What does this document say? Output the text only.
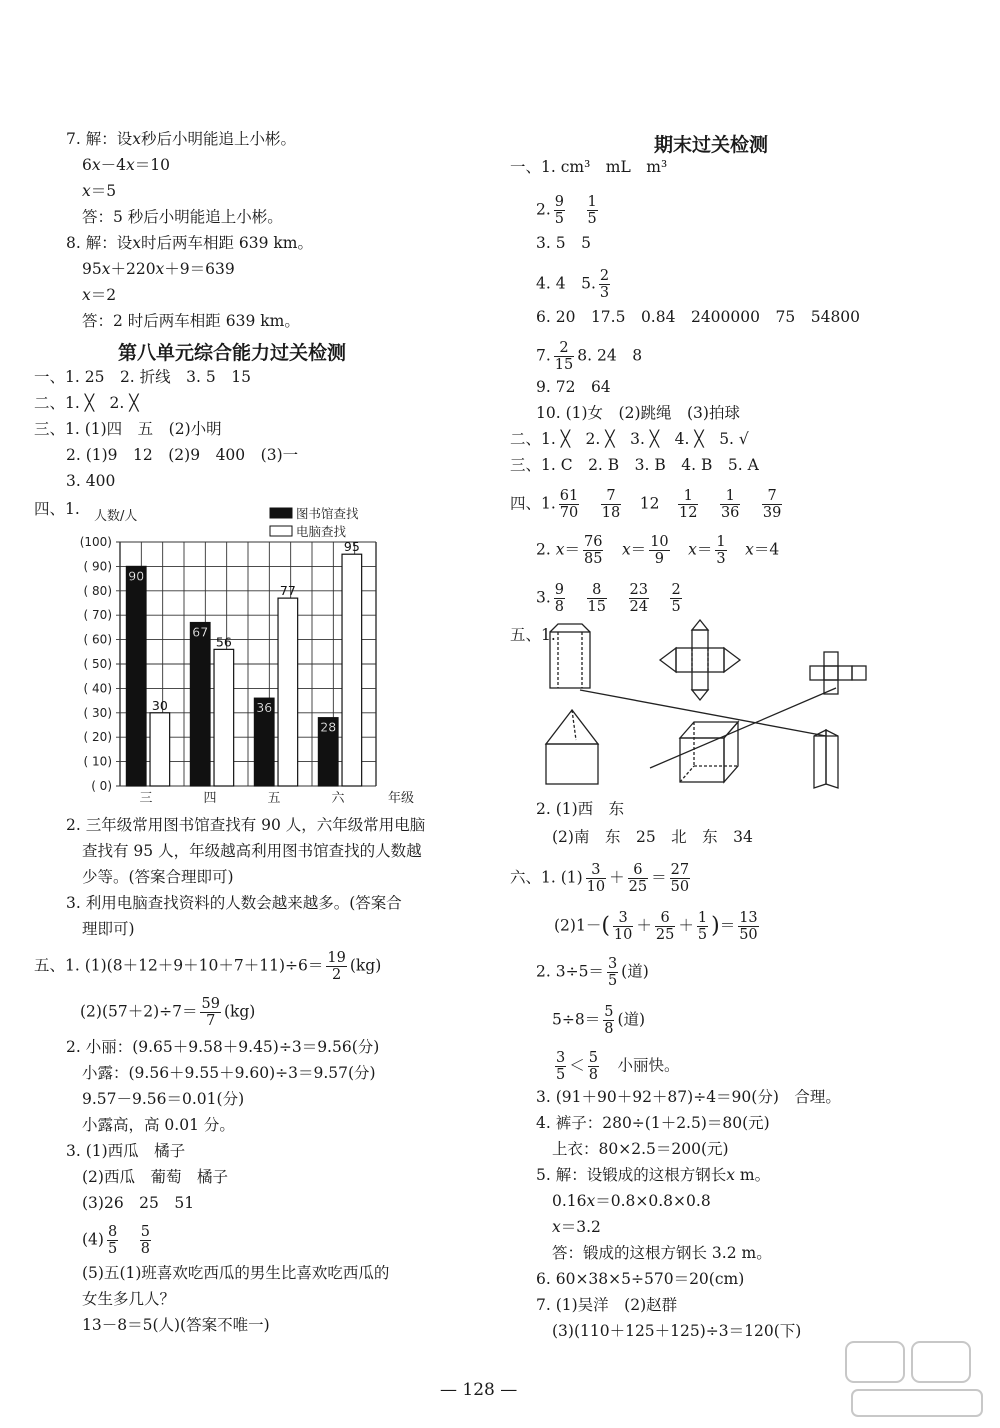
7. 解：设𝑥秒后小明能追上小彬。
6𝑥－4𝑥＝10
𝑥＝5
答：5 秒后小明能追上小彬。
8. 解：设𝑥时后两车相距 639 km。
95𝑥＋220𝑥＋9＝639
𝑥＝2
答：2 时后两车相距 639 km。
第八单元综合能力过关检测
一、1. 25　2. 折线　3. 5　15
二、1. ╳　2. ╳
三、1. (1)四　五　(2)小明
2. (1)9　12　(2)9　400　(3)一
3. 400
四、1.
(100)
( 90)
( 80)
( 70)
( 60)
( 50)
( 40)
( 30)
( 20)
( 10)
( 0)
人数/人
90
30
三
67
56
四
36
77
五
28
95
六	年级
图书馆查找
电脑查找
2. 三年级常用图书馆查找有 90 人，六年级常用电脑
查找有 95 人，年级越高利用图书馆查找的人数越
少等。(答案合理即可)
3. 利用电脑查找资料的人数会越来越多。(答案合
理即可)
五、1. $(1)(8+12+9+10+7+11)\div 6= \frac{19}{2} (kg)$
$(2)(57+2)\div 7= \frac{59}{7} (kg)$
2. 小丽：(9.65＋9.58＋9.45)÷3＝9.56(分)
小露：(9.56＋9.55＋9.60)÷3＝9.57(分)
9.57－9.56＝0.01(分)
小露高，高 0.01 分。
3. (1)西瓜　橘子
(2)西瓜　葡萄　橘子
(3)26　25　51
$(4) \frac{8}{5}$
　 $\frac{5}{8}$
(5)五(1)班喜欢吃西瓜的男生比喜欢吃西瓜的
女生多几人？
13－8＝5(人)(答案不唯一)
期末过关检测
一、1. cm³　mL　m³
2. $\frac{9}{5}$
　 $\frac{1}{5}$
3. 5　5
4. 4　5. $\frac{2}{3}$
6. 20　17.5　0.84　2400000　75　54800
7. $\frac{2}{15} 8$. 24　8
9. 72　64
10. (1)女　(2)跳绳　(3)拍球
二、1. ╳　2. ╳　3. ╳　4. ╳　5. √
三、1. C　2. B　3. B　4. B　5. A
四、1. $\frac{61}{70}$
　 $\frac{7}{18}$
　 12　 $\frac{1}{12}$
　 $\frac{1}{36}$
　 $\frac{7}{39}$
2. 𝑥＝ $\frac{76}{85}$
　 𝑥＝ $\frac{10}{9}$
　 𝑥＝ $\frac{1}{3}$
　 𝑥＝4
3. $\frac{9}{8}$
　 $\frac{8}{15}$
　 $\frac{23}{24}$
　 $\frac{2}{5}$
五、1.
2. (1)西　东
(2)南　东　25　北　东　34
六、1. $(1) \frac{3}{10} + \frac{6}{25} = \frac{27}{50}$
$(2)1-( \frac{3}{10} + \frac{6}{25} + \frac{1}{5}$ )＝ $\frac{13}{50}$
2. $3\div 5= \frac{3}{5}$ (道)
$5\div 8= \frac{5}{8}$ (道)
$\frac{3}{5} < \frac{5}{8}$
　 小丽快。
3. (91＋90＋92＋87)÷4＝90(分)　合理。
4. 裤子：280÷(1＋2.5)＝80(元)
上衣：80×2.5＝200(元)
5. 解：设锻成的这根方钢长𝑥 m。
0.16𝑥＝0.8×0.8×0.8
𝑥＝3.2
答：锻成的这根方钢长 3.2 m。
6. 60×38×5÷570＝20(cm)
7. (1)吴洋　(2)赵群
(3)(110＋125＋125)÷3＝120(下)
— 128 —
